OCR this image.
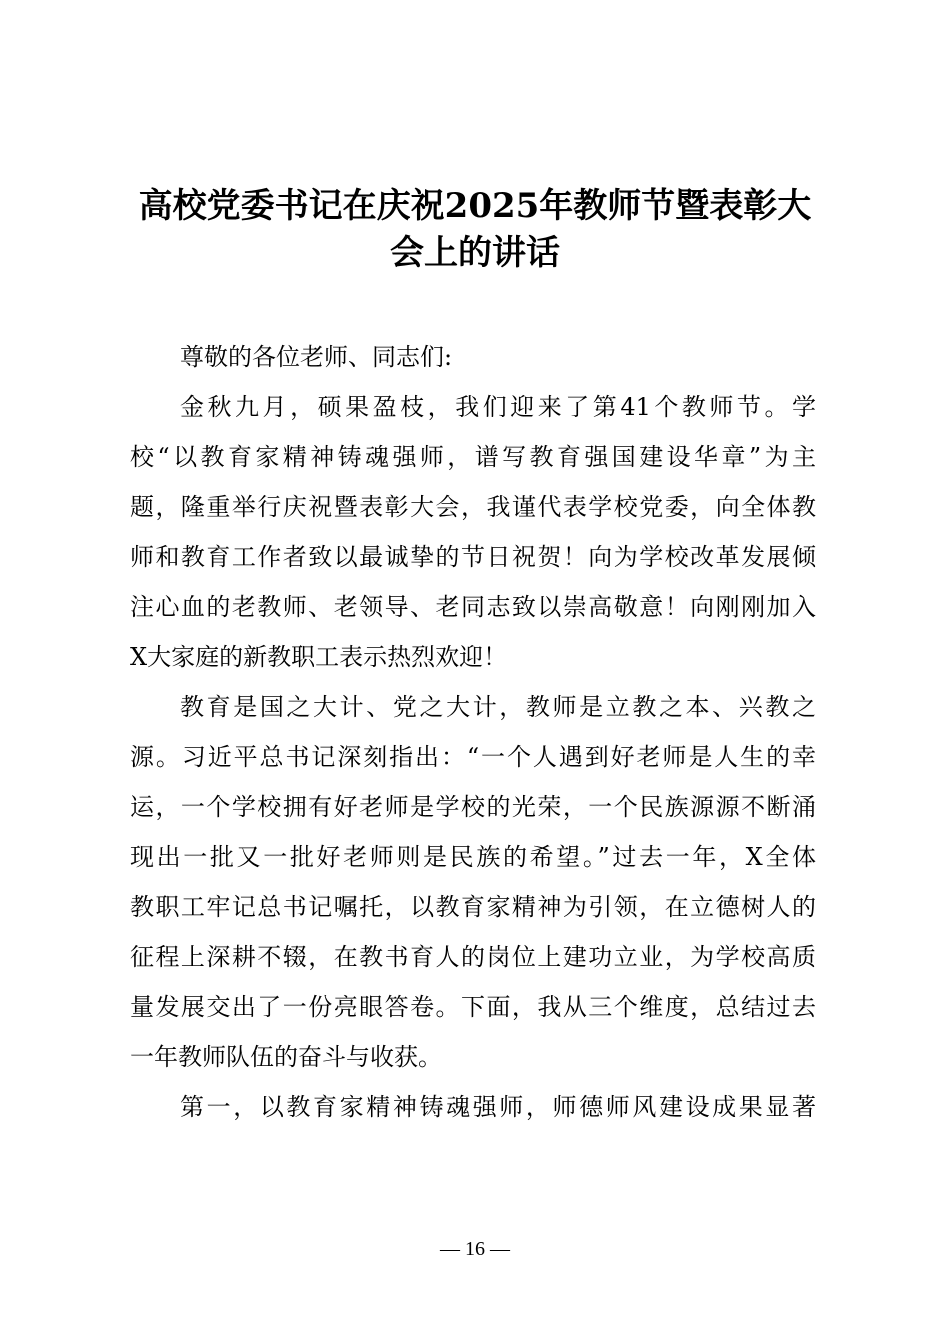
高校党委书记在庆祝2025年教师节暨表彰大
会上的讲话
尊敬的各位老师、同志们:
金秋九月，硕果盈枝，我们迎来了第41个教师节。学
校“以教育家精神铸魂强师，谱写教育强国建设华章”为主
题，隆重举行庆祝暨表彰大会，我谨代表学校党委，向全体教
师和教育工作者致以最诚挚的节日祝贺！向为学校改革发展倾
注心血的老教师、老领导、老同志致以崇高敬意！向刚刚加入
X大家庭的新教职工表示热烈欢迎！
教育是国之大计、党之大计，教师是立教之本、兴教之
源。习近平总书记深刻指出：“一个人遇到好老师是人生的幸
运，一个学校拥有好老师是学校的光荣，一个民族源源不断涌
现出一批又一批好老师则是民族的希望。”过去一年，X全体
教职工牢记总书记嘱托，以教育家精神为引领，在立德树人的
征程上深耕不辍，在教书育人的岗位上建功立业，为学校高质
量发展交出了一份亮眼答卷。下面，我从三个维度，总结过去
一年教师队伍的奋斗与收获。
第一，以教育家精神铸魂强师，师德师风建设成果显著
— 16 —
